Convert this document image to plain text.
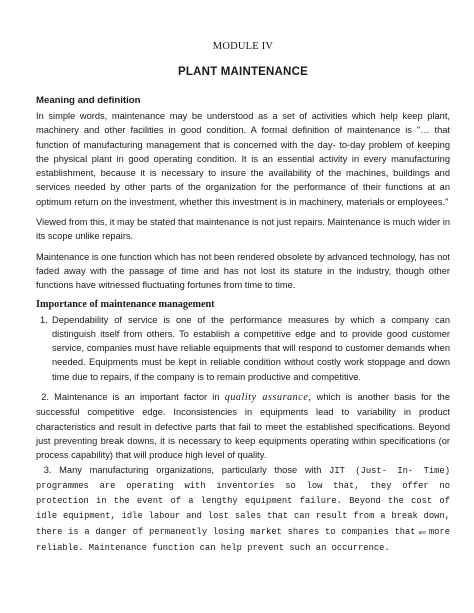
MODULE IV
PLANT MAINTENANCE
Meaning and definition

In simple words, maintenance may be understood as a set of activities which help keep plant, machinery and other facilities in good condition. A formal definition of maintenance is "… that function of manufacturing management that is concerned with the day- to-day problem of keeping the physical plant in good operating condition. It is an essential activity in every manufacturing establishment, because it is necessary to insure the availability of the machines, buildings and services needed by other parts of the organization for the performance of their functions at an optimum return on the investment, whether this investment is in machinery, materials or employees."

Viewed from this, it may be stated that maintenance is not just repairs. Maintenance is much wider in its scope unlike repairs.

Maintenance is one function which has not been rendered obsolete by advanced technology, has not faded away with the passage of time and has not lost its stature in the industry, though other functions have witnessed fluctuating fortunes from time to time.

Importance of maintenance management
1. Dependability of service is one of the performance measures by which a company can distinguish itself from others. To establish a competitive edge and to provide good customer service, companies must have reliable equipments that will respond to customer demands when needed. Equipments must be kept in reliable condition without costly work stoppage and down time due to repairs, if the company is to remain productive and competitive.

2. Maintenance is an important factor in quality assurance, which is another basis for the successful competitive edge. Inconsistencies in equipments lead to variability in product characteristics and result in defective parts that fail to meet the established specifications. Beyond just preventing break downs, it is necessary to keep equipments operating within specifications (or process capability) that will produce high level of quality.

3. Many manufacturing organizations, particularly those with JIT (Just- In- Time) programmes are operating with inventories so low that, they offer no protection in the event of a lengthy equipment failure. Beyond the cost of idle equipment, idle labour and lost sales that can result from a break down, there is a danger of permanently losing market shares to companies that are more reliable. Maintenance function can help prevent such an occurrence.
